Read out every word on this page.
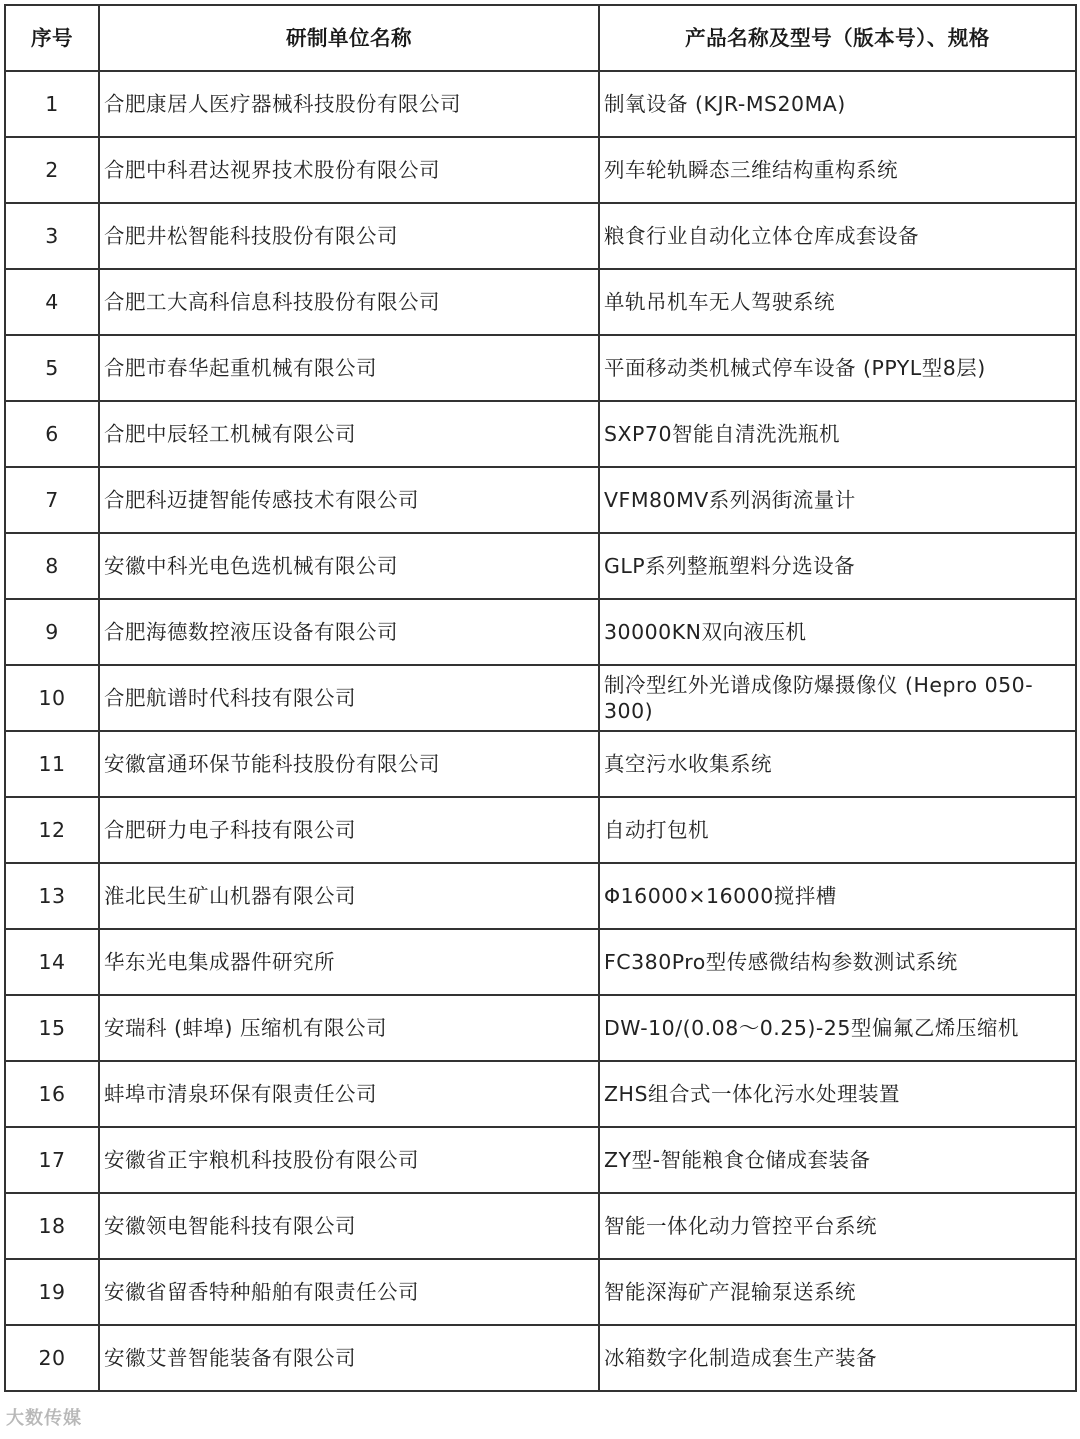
序号	研制单位名称	产品名称及型号（版本号）、规格
1	合肥康居人医疗器械科技股份有限公司	制氧设备 (KJR-MS20MA)
2	合肥中科君达视界技术股份有限公司	列车轮轨瞬态三维结构重构系统
3	合肥井松智能科技股份有限公司	粮食行业自动化立体仓库成套设备
4	合肥工大高科信息科技股份有限公司	单轨吊机车无人驾驶系统
5	合肥市春华起重机械有限公司	平面移动类机械式停车设备 (PPYL型8层)
6	合肥中辰轻工机械有限公司	SXP70智能自清洗洗瓶机
7	合肥科迈捷智能传感技术有限公司	VFM80MV系列涡街流量计
8	安徽中科光电色选机械有限公司	GLP系列整瓶塑料分选设备
9	合肥海德数控液压设备有限公司	30000KN双向液压机
10	合肥航谱时代科技有限公司	制冷型红外光谱成像防爆摄像仪 (Hepro 050-300)
11	安徽富通环保节能科技股份有限公司	真空污水收集系统
12	合肥研力电子科技有限公司	自动打包机
13	淮北民生矿山机器有限公司	Φ16000×16000搅拌槽
14	华东光电集成器件研究所	FC380Pro型传感微结构参数测试系统
15	安瑞科 (蚌埠) 压缩机有限公司	DW-10/(0.08～0.25)-25型偏氟乙烯压缩机
16	蚌埠市清泉环保有限责任公司	ZHS组合式一体化污水处理装置
17	安徽省正宇粮机科技股份有限公司	ZY型-智能粮食仓储成套装备
18	安徽领电智能科技有限公司	智能一体化动力管控平台系统
19	安徽省留香特种船舶有限责任公司	智能深海矿产混输泵送系统
20	安徽艾普智能装备有限公司	冰箱数字化制造成套生产装备
大数传媒
